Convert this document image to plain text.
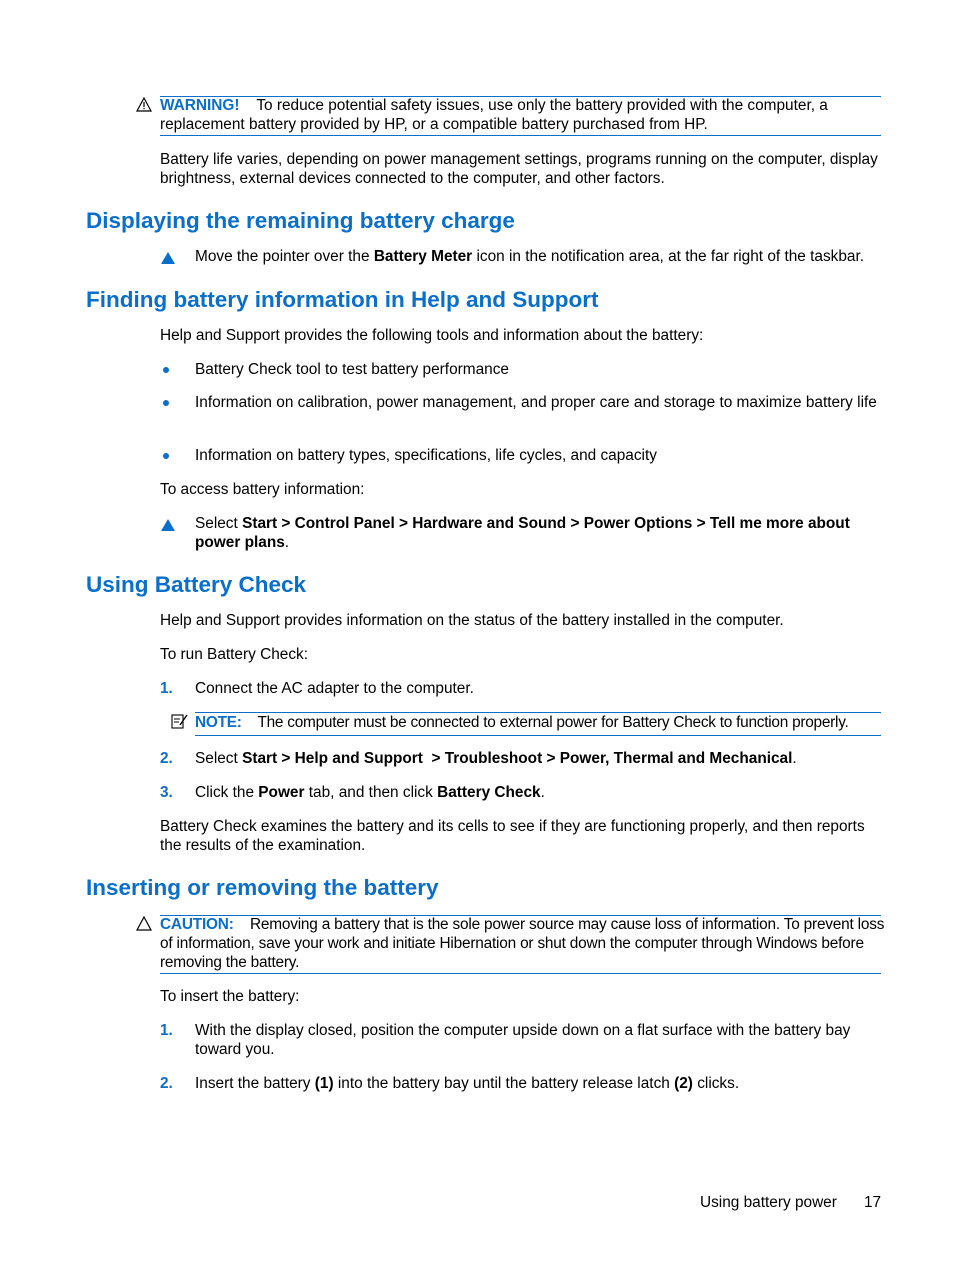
WARNING! To reduce potential safety issues, use only the battery provided with the computer, a replacement battery provided by HP, or a compatible battery purchased from HP.
Battery life varies, depending on power management settings, programs running on the computer, display brightness, external devices connected to the computer, and other factors.
Displaying the remaining battery charge
Move the pointer over the Battery Meter icon in the notification area, at the far right of the taskbar.
Finding battery information in Help and Support
Help and Support provides the following tools and information about the battery:
Battery Check tool to test battery performance
Information on calibration, power management, and proper care and storage to maximize battery life
Information on battery types, specifications, life cycles, and capacity
To access battery information:
Select Start > Control Panel > Hardware and Sound > Power Options > Tell me more about power plans.
Using Battery Check
Help and Support provides information on the status of the battery installed in the computer.
To run Battery Check:
1. Connect the AC adapter to the computer.
NOTE: The computer must be connected to external power for Battery Check to function properly.
2. Select Start > Help and Support  > Troubleshoot > Power, Thermal and Mechanical.
3. Click the Power tab, and then click Battery Check.
Battery Check examines the battery and its cells to see if they are functioning properly, and then reports the results of the examination.
Inserting or removing the battery
CAUTION: Removing a battery that is the sole power source may cause loss of information. To prevent loss of information, save your work and initiate Hibernation or shut down the computer through Windows before removing the battery.
To insert the battery:
1. With the display closed, position the computer upside down on a flat surface with the battery bay toward you.
2. Insert the battery (1) into the battery bay until the battery release latch (2) clicks.
Using battery power 17
